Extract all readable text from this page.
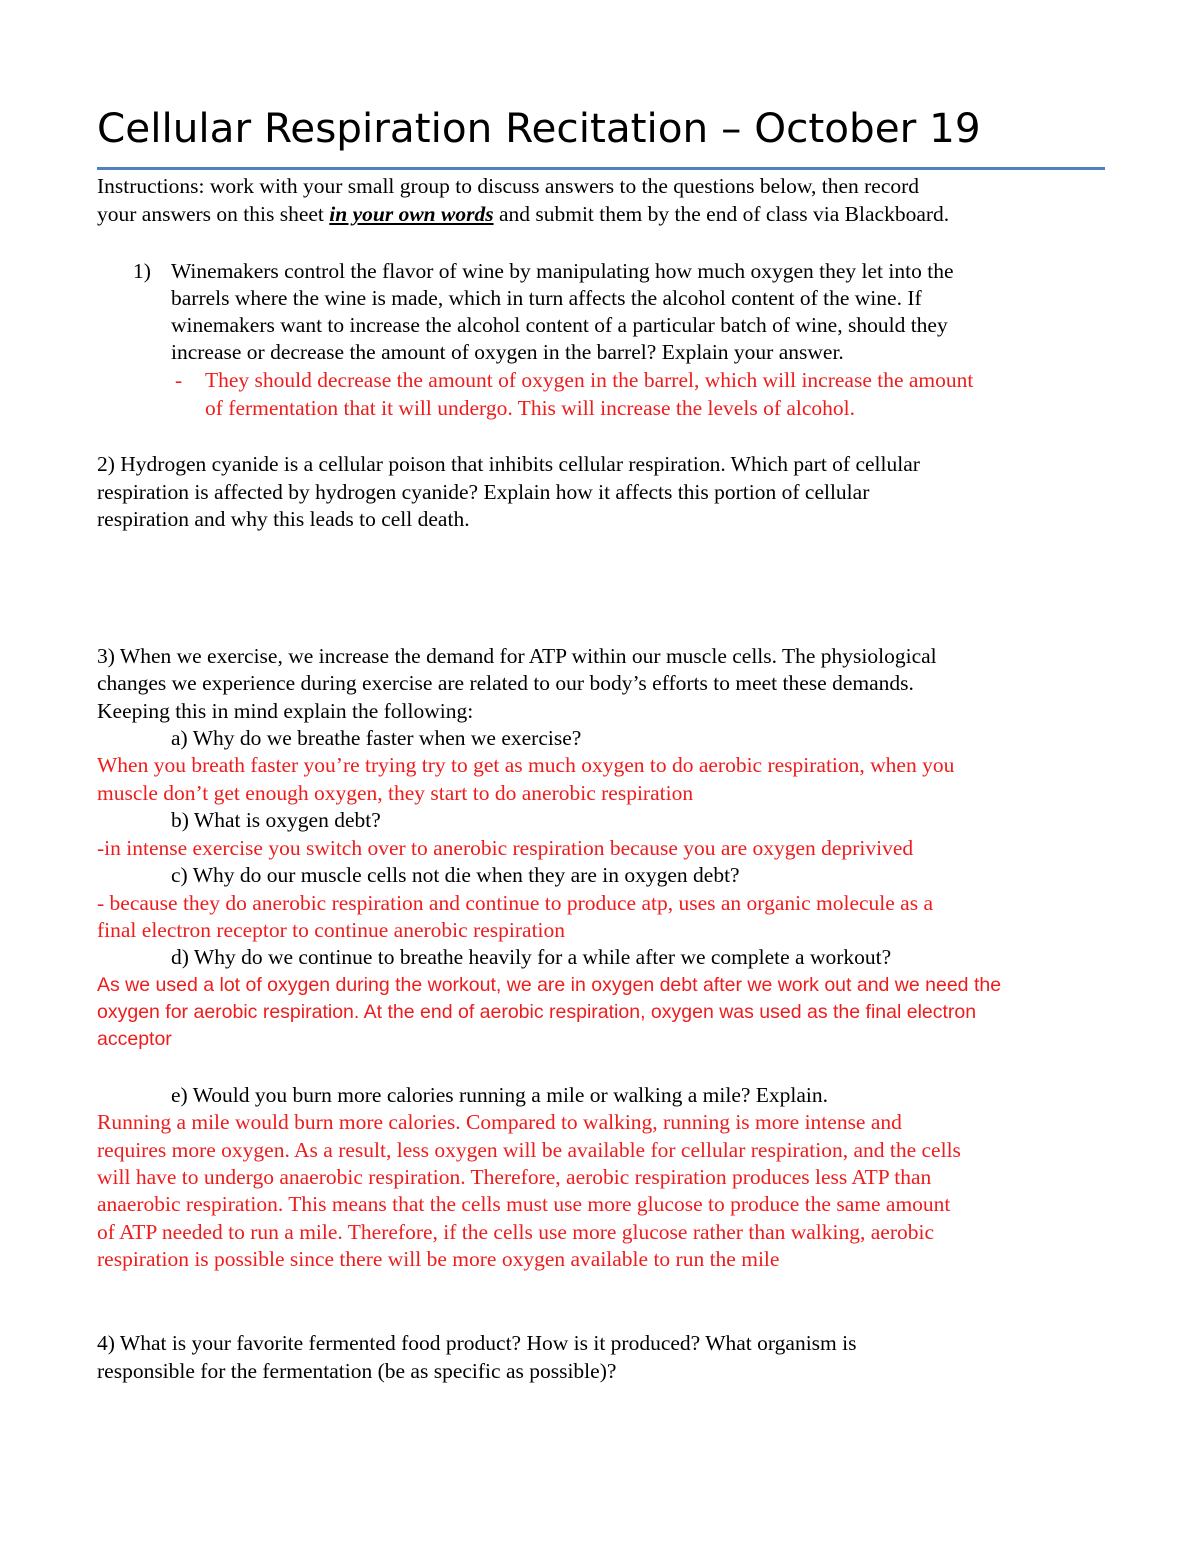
Cellular Respiration Recitation – October 19
Instructions: work with your small group to discuss answers to the questions below, then record
your answers on this sheet in your own words and submit them by the end of class via Blackboard.
1) Winemakers control the flavor of wine by manipulating how much oxygen they let into the
barrels where the wine is made, which in turn affects the alcohol content of the wine. If
winemakers want to increase the alcohol content of a particular batch of wine, should they
increase or decrease the amount of oxygen in the barrel? Explain your answer.
- They should decrease the amount of oxygen in the barrel, which will increase the amount
of fermentation that it will undergo. This will increase the levels of alcohol.
2) Hydrogen cyanide is a cellular poison that inhibits cellular respiration. Which part of cellular
respiration is affected by hydrogen cyanide? Explain how it affects this portion of cellular
respiration and why this leads to cell death.
3) When we exercise, we increase the demand for ATP within our muscle cells. The physiological
changes we experience during exercise are related to our body’s efforts to meet these demands.
Keeping this in mind explain the following:
a) Why do we breathe faster when we exercise?
When you breath faster you’re trying try to get as much oxygen to do aerobic respiration, when you
muscle don’t get enough oxygen, they start to do anerobic respiration
b) What is oxygen debt?
-in intense exercise you switch over to anerobic respiration because you are oxygen deprivived
c) Why do our muscle cells not die when they are in oxygen debt?
- because they do anerobic respiration and continue to produce atp, uses an organic molecule as a
final electron receptor to continue anerobic respiration
d) Why do we continue to breathe heavily for a while after we complete a workout?
As we used a lot of oxygen during the workout, we are in oxygen debt after we work out and we need the
oxygen for aerobic respiration. At the end of aerobic respiration, oxygen was used as the final electron
acceptor
e) Would you burn more calories running a mile or walking a mile? Explain.
Running a mile would burn more calories. Compared to walking, running is more intense and
requires more oxygen. As a result, less oxygen will be available for cellular respiration, and the cells
will have to undergo anaerobic respiration. Therefore, aerobic respiration produces less ATP than
anaerobic respiration. This means that the cells must use more glucose to produce the same amount
of ATP needed to run a mile. Therefore, if the cells use more glucose rather than walking, aerobic
respiration is possible since there will be more oxygen available to run the mile
4) What is your favorite fermented food product? How is it produced? What organism is
responsible for the fermentation (be as specific as possible)?
